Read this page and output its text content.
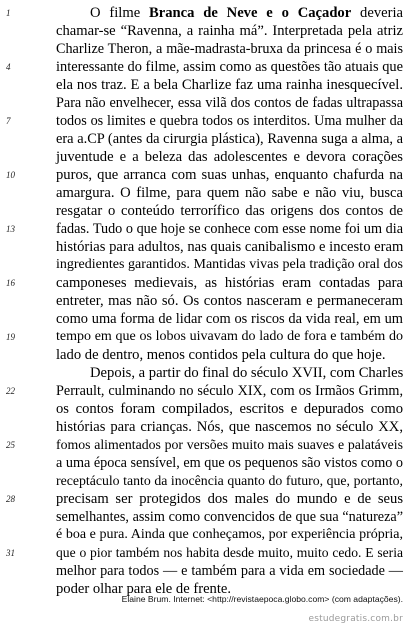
1	O filme Branca de Neve e o Caçador deveria
chamar-se “Ravenna, a rainha má”. Interpretada pela atriz
Charlize Theron, a mãe-madrasta-bruxa da princesa é o mais
4	interessante do filme, assim como as questões tão atuais que
ela nos traz. E a bela Charlize faz uma rainha inesquecível.
Para não envelhecer, essa vilã dos contos de fadas ultrapassa
7	todos os limites e quebra todos os interditos. Uma mulher da
era a.CP (antes da cirurgia plástica), Ravenna suga a alma, a
juventude e a beleza das adolescentes e devora corações
10	puros, que arranca com suas unhas, enquanto chafurda na
amargura. O filme, para quem não sabe e não viu, busca
resgatar o conteúdo terrorífico das origens dos contos de
13	fadas. Tudo o que hoje se conhece com esse nome foi um dia
histórias para adultos, nas quais canibalismo e incesto eram
ingredientes garantidos. Mantidas vivas pela tradição oral dos
16	camponeses medievais, as histórias eram contadas para
entreter, mas não só. Os contos nasceram e permaneceram
como uma forma de lidar com os riscos da vida real, em um
19	tempo em que os lobos uivavam do lado de fora e também do
lado de dentro, menos contidos pela cultura do que hoje.
Depois, a partir do final do século XVII, com Charles
22	Perrault, culminando no século XIX, com os Irmãos Grimm,
os contos foram compilados, escritos e depurados como
histórias para crianças. Nós, que nascemos no século XX,
25	fomos alimentados por versões muito mais suaves e palatáveis
a uma época sensível, em que os pequenos são vistos como o
receptáculo tanto da inocência quanto do futuro, que, portanto,
28	precisam ser protegidos dos males do mundo e de seus
semelhantes, assim como convencidos de que sua “natureza”
é boa e pura. Ainda que conheçamos, por experiência própria,
31	que o pior também nos habita desde muito, muito cedo. E seria
melhor para todos — e também para a vida em sociedade —
poder olhar para ele de frente.
Elaine Brum. Internet: <http://revistaepoca.globo.com> (com adaptações).
estudegratis.com.br
